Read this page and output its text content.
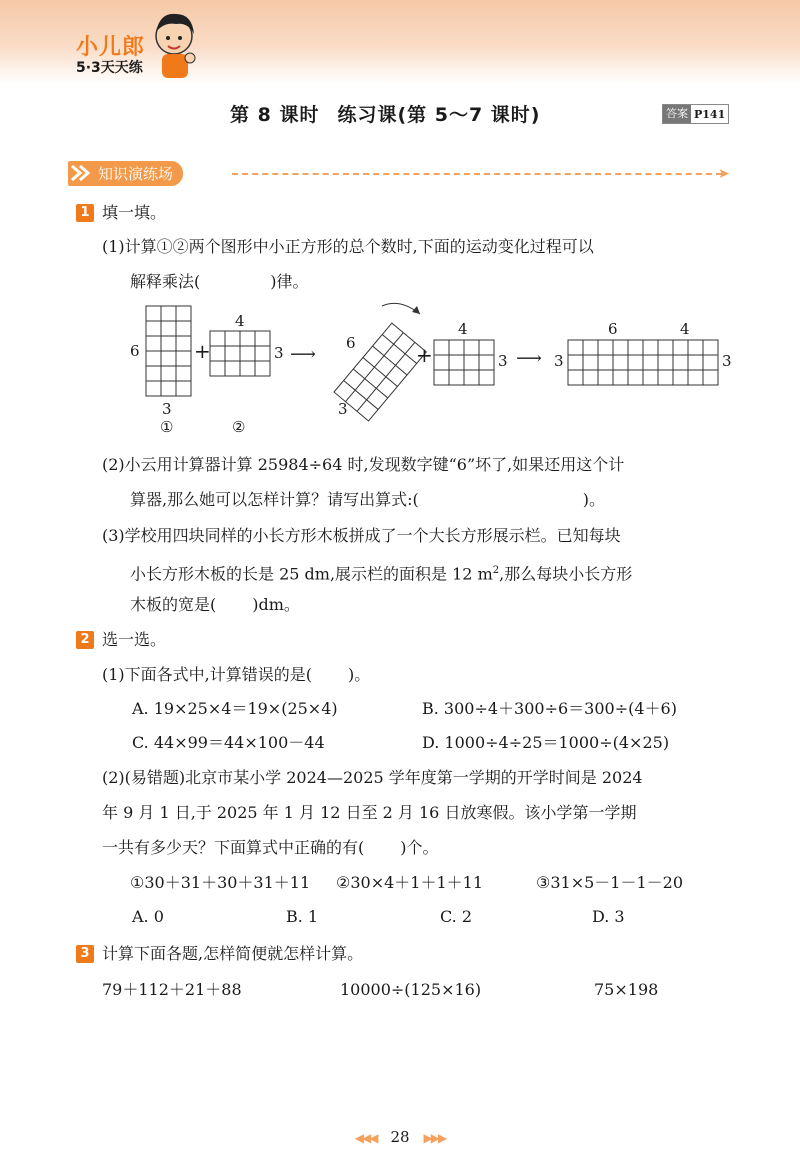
小儿郎
5·3天天练
第 8 课时 练习课(第 5～7 课时)	答案 P141
知识演练场	➤
1 填一填。
(1)计算①②两个图形中小正方形的总个数时,下面的运动变化过程可以
解释乘法(	)律。
6
3
①
+
4
3
②
⟶
6
3
+
4
3 ⟶ 3
6	4
3
(2)小云用计算器计算 25984÷64 时,发现数字键“6”坏了,如果还用这个计
算器,那么她可以怎样计算？请写出算式:(	)。
(3)学校用四块同样的小长方形木板拼成了一个大长方形展示栏。已知每块
小长方形木板的长是 25 dm,展示栏的面积是 12 $m^2$,那么每块小长方形
木板的宽是( )dm。
2 选一选。
(1)下面各式中,计算错误的是( )。
A. 19×25×4＝19×(25×4)	B. 300÷4＋300÷6＝300÷(4＋6)
C. 44×99＝44×100－44	D. 1000÷4÷25＝1000÷(4×25)
(2)(易错题)北京市某小学 2024—2025 学年度第一学期的开学时间是 2024
年 9 月 1 日,于 2025 年 1 月 12 日至 2 月 16 日放寒假。该小学第一学期
一共有多少天？下面算式中正确的有( )个。
①30＋31＋30＋31＋11 ②30×4＋1＋1＋11	③31×5－1－1－20
A. 0	B. 1	C. 2	D. 3
3 计算下面各题,怎样简便就怎样计算。
79＋112＋21＋88	10000÷(125×16)	75×198
◀◀◀ 28 ▶▶▶
